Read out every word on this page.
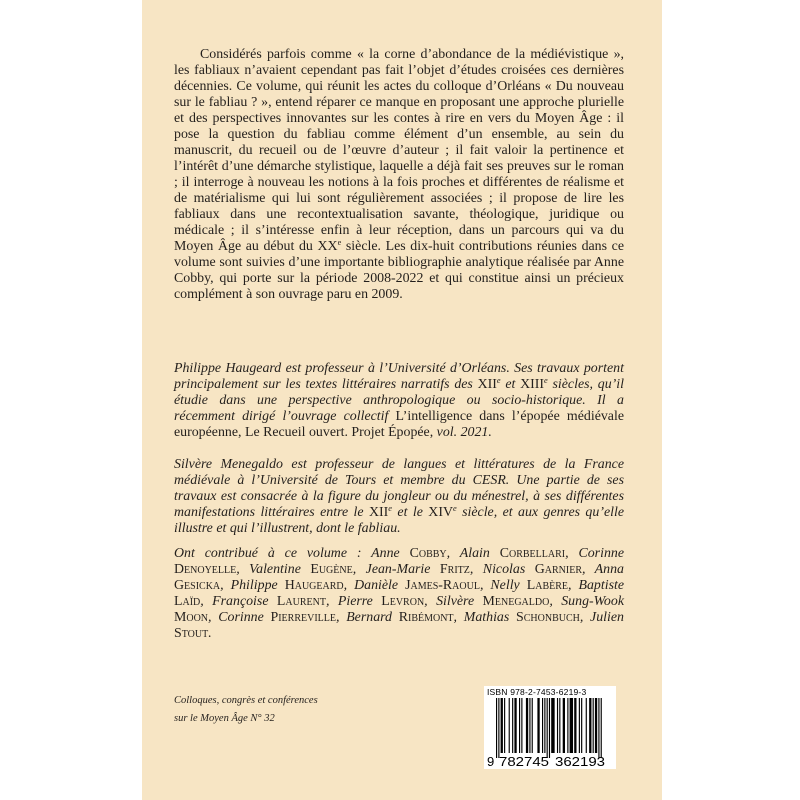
Considérés parfois comme « la corne d’abondance de la médiévistique », les fabliaux n’avaient cependant pas fait l’objet d’études croisées ces dernières décennies. Ce volume, qui réunit les actes du colloque d’Orléans « Du nouveau sur le fabliau ? », entend réparer ce manque en proposant une approche plurielle et des perspectives innovantes sur les contes à rire en vers du Moyen Âge : il pose la question du fabliau comme élément d’un ensemble, au sein du manuscrit, du recueil ou de l’œuvre d’auteur ; il fait valoir la pertinence et l’intérêt d’une démarche stylistique, laquelle a déjà fait ses preuves sur le roman ; il interroge à nouveau les notions à la fois proches et différentes de réalisme et de matérialisme qui lui sont régulièrement associées ; il propose de lire les fabliaux dans une recontextualisation savante, théologique, juridique ou médicale ; il s’intéresse enfin à leur réception, dans un parcours qui va du Moyen Âge au début du XXe siècle. Les dix-huit contributions réunies dans ce volume sont suivies d’une importante bibliographie analytique réalisée par Anne Cobby, qui porte sur la période 2008-2022 et qui constitue ainsi un précieux complément à son ouvrage paru en 2009.

Philippe Haugeard est professeur à l’Université d’Orléans. Ses travaux portent principalement sur les textes littéraires narratifs des XIIe et XIIIe siècles, qu’il étudie dans une perspective anthropologique ou socio-historique. Il a récemment dirigé l’ouvrage collectif L’intelligence dans l’épopée médiévale européenne, Le Recueil ouvert. Projet Épopée, vol. 2021.

Silvère Menegaldo est professeur de langues et littératures de la France médiévale à l’Université de Tours et membre du CESR. Une partie de ses travaux est consacrée à la figure du jongleur ou du ménestrel, à ses différentes manifestations littéraires entre le XIIe et le XIVe siècle, et aux genres qu’elle illustre et qui l’illustrent, dont le fabliau.

Ont contribué à ce volume : Anne Cobby, Alain Corbellari, Corinne Denoyelle, Valentine Eugène, Jean-Marie Fritz, Nicolas Garnier, Anna Gesicka, Philippe Haugeard, Danièle James-Raoul, Nelly Labère, Baptiste Laïd, Françoise Laurent, Pierre Levron, Silvère Menegaldo, Sung-Wook Moon, Corinne Pierreville, Bernard Ribémont, Mathias Schonbuch, Julien Stout.

ISBN 978-2-7453-6219-3
9 782745 362193
Colloques, congrès et conférences
sur le Moyen Âge N° 32
